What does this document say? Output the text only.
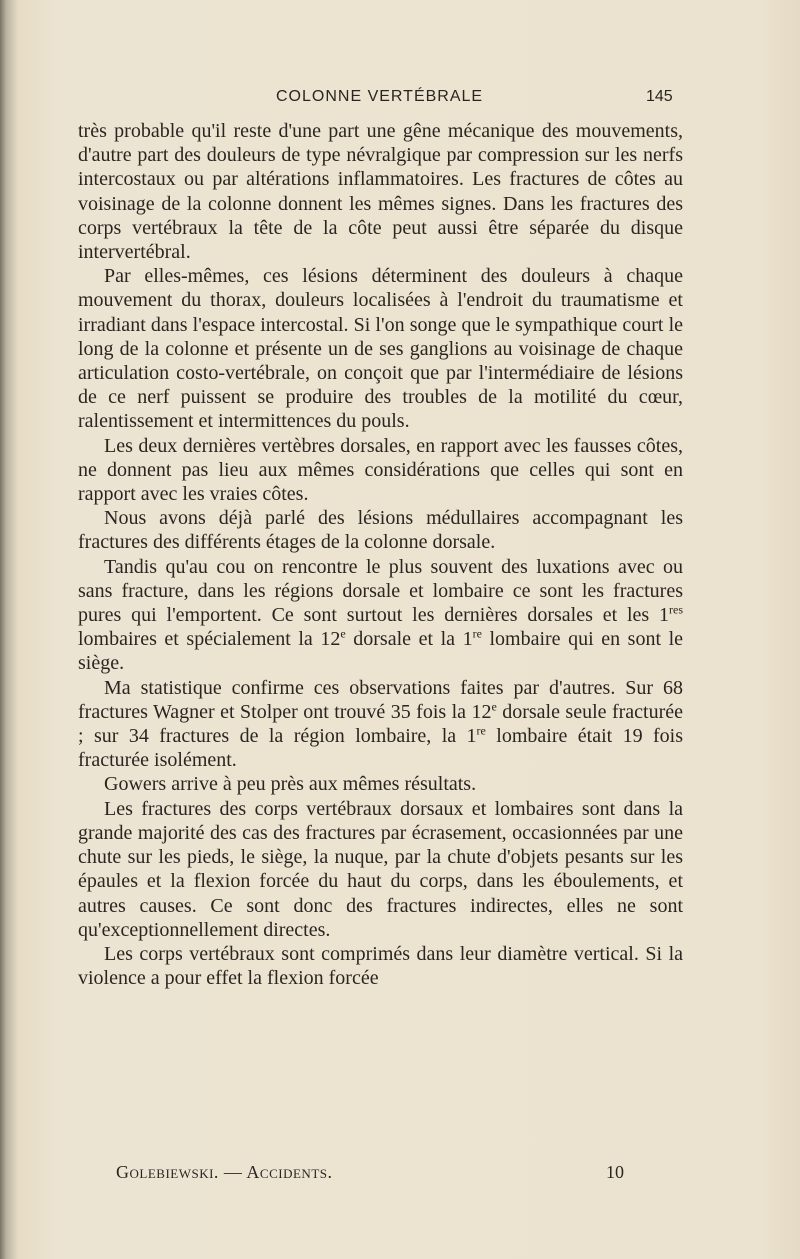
COLONNE VERTÉBRALE	145

très probable qu'il reste d'une part une gêne mécanique des mouvements, d'autre part des douleurs de type névralgique par compression sur les nerfs intercostaux ou par altérations inflammatoires. Les fractures de côtes au voisinage de la colonne donnent les mêmes signes. Dans les fractures des corps vertébraux la tête de la côte peut aussi être séparée du disque intervertébral.

Par elles-mêmes, ces lésions déterminent des douleurs à chaque mouvement du thorax, douleurs localisées à l'endroit du traumatisme et irradiant dans l'espace intercostal. Si l'on songe que le sympathique court le long de la colonne et présente un de ses ganglions au voisinage de chaque articulation costo-vertébrale, on conçoit que par l'intermédiaire de lésions de ce nerf puissent se produire des troubles de la motilité du cœur, ralentissement et intermittences du pouls.

Les deux dernières vertèbres dorsales, en rapport avec les fausses côtes, ne donnent pas lieu aux mêmes considérations que celles qui sont en rapport avec les vraies côtes.

Nous avons déjà parlé des lésions médullaires accompagnant les fractures des différents étages de la colonne dorsale.

Tandis qu'au cou on rencontre le plus souvent des luxations avec ou sans fracture, dans les régions dorsale et lombaire ce sont les fractures pures qui l'emportent. Ce sont surtout les dernières dorsales et les 1res lombaires et spécialement la 12e dorsale et la 1re lombaire qui en sont le siège.

Ma statistique confirme ces observations faites par d'autres. Sur 68 fractures Wagner et Stolper ont trouvé 35 fois la 12e dorsale seule fracturée ; sur 34 fractures de la région lombaire, la 1re lombaire était 19 fois fracturée isolément.

Gowers arrive à peu près aux mêmes résultats.

Les fractures des corps vertébraux dorsaux et lombaires sont dans la grande majorité des cas des fractures par écrasement, occasionnées par une chute sur les pieds, le siège, la nuque, par la chute d'objets pesants sur les épaules et la flexion forcée du haut du corps, dans les éboulements, et autres causes. Ce sont donc des fractures indirectes, elles ne sont qu'exceptionnellement directes.

Les corps vertébraux sont comprimés dans leur diamètre vertical. Si la violence a pour effet la flexion forcée

Golebiewski. — Accidents.	10
